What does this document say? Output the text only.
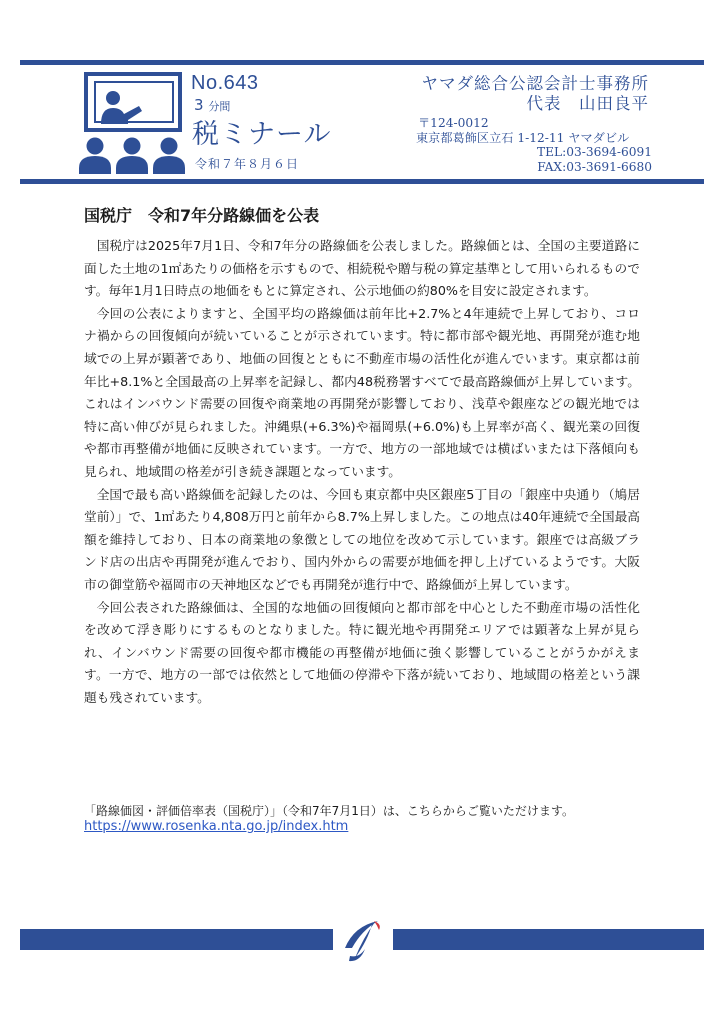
No.643
3 分間
税ミナール
令和７年８月６日
ヤマダ総合公認会計士事務所
代表　山田良平
〒124-0012
東京都葛飾区立石 1-12-11 ヤマダビル
TEL:03-3694-6091
FAX:03-3691-6680
国税庁　令和7年分路線価を公表

国税庁は2025年7月1日、令和7年分の路線価を公表しました。路線価とは、全国の主要道路に面した土地の1㎡あたりの価格を示すもので、相続税や贈与税の算定基準として用いられるものです。毎年1月1日時点の地価をもとに算定され、公示地価の約80%を目安に設定されます。

今回の公表によりますと、全国平均の路線価は前年比+2.7%と4年連続で上昇しており、コロナ禍からの回復傾向が続いていることが示されています。特に都市部や観光地、再開発が進む地域での上昇が顕著であり、地価の回復とともに不動産市場の活性化が進んでいます。東京都は前年比+8.1%と全国最高の上昇率を記録し、都内48税務署すべてで最高路線価が上昇しています。これはインバウンド需要の回復や商業地の再開発が影響しており、浅草や銀座などの観光地では特に高い伸びが見られました。沖縄県(+6.3%)や福岡県(+6.0%)も上昇率が高く、観光業の回復や都市再整備が地価に反映されています。一方で、地方の一部地域では横ばいまたは下落傾向も見られ、地域間の格差が引き続き課題となっています。

全国で最も高い路線価を記録したのは、今回も東京都中央区銀座5丁目の「銀座中央通り（鳩居堂前）」で、1㎡あたり4,808万円と前年から8.7%上昇しました。この地点は40年連続で全国最高額を維持しており、日本の商業地の象徴としての地位を改めて示しています。銀座では高級ブランド店の出店や再開発が進んでおり、国内外からの需要が地価を押し上げているようです。大阪市の御堂筋や福岡市の天神地区などでも再開発が進行中で、路線価が上昇しています。

今回公表された路線価は、全国的な地価の回復傾向と都市部を中心とした不動産市場の活性化を改めて浮き彫りにするものとなりました。特に観光地や再開発エリアでは顕著な上昇が見られ、インバウンド需要の回復や都市機能の再整備が地価に強く影響していることがうかがえます。一方で、地方の一部では依然として地価の停滞や下落が続いており、地域間の格差という課題も残されています。

「路線価図・評価倍率表（国税庁）」（令和7年7月1日）は、こちらからご覧いただけます。
https://www.rosenka.nta.go.jp/index.htm
